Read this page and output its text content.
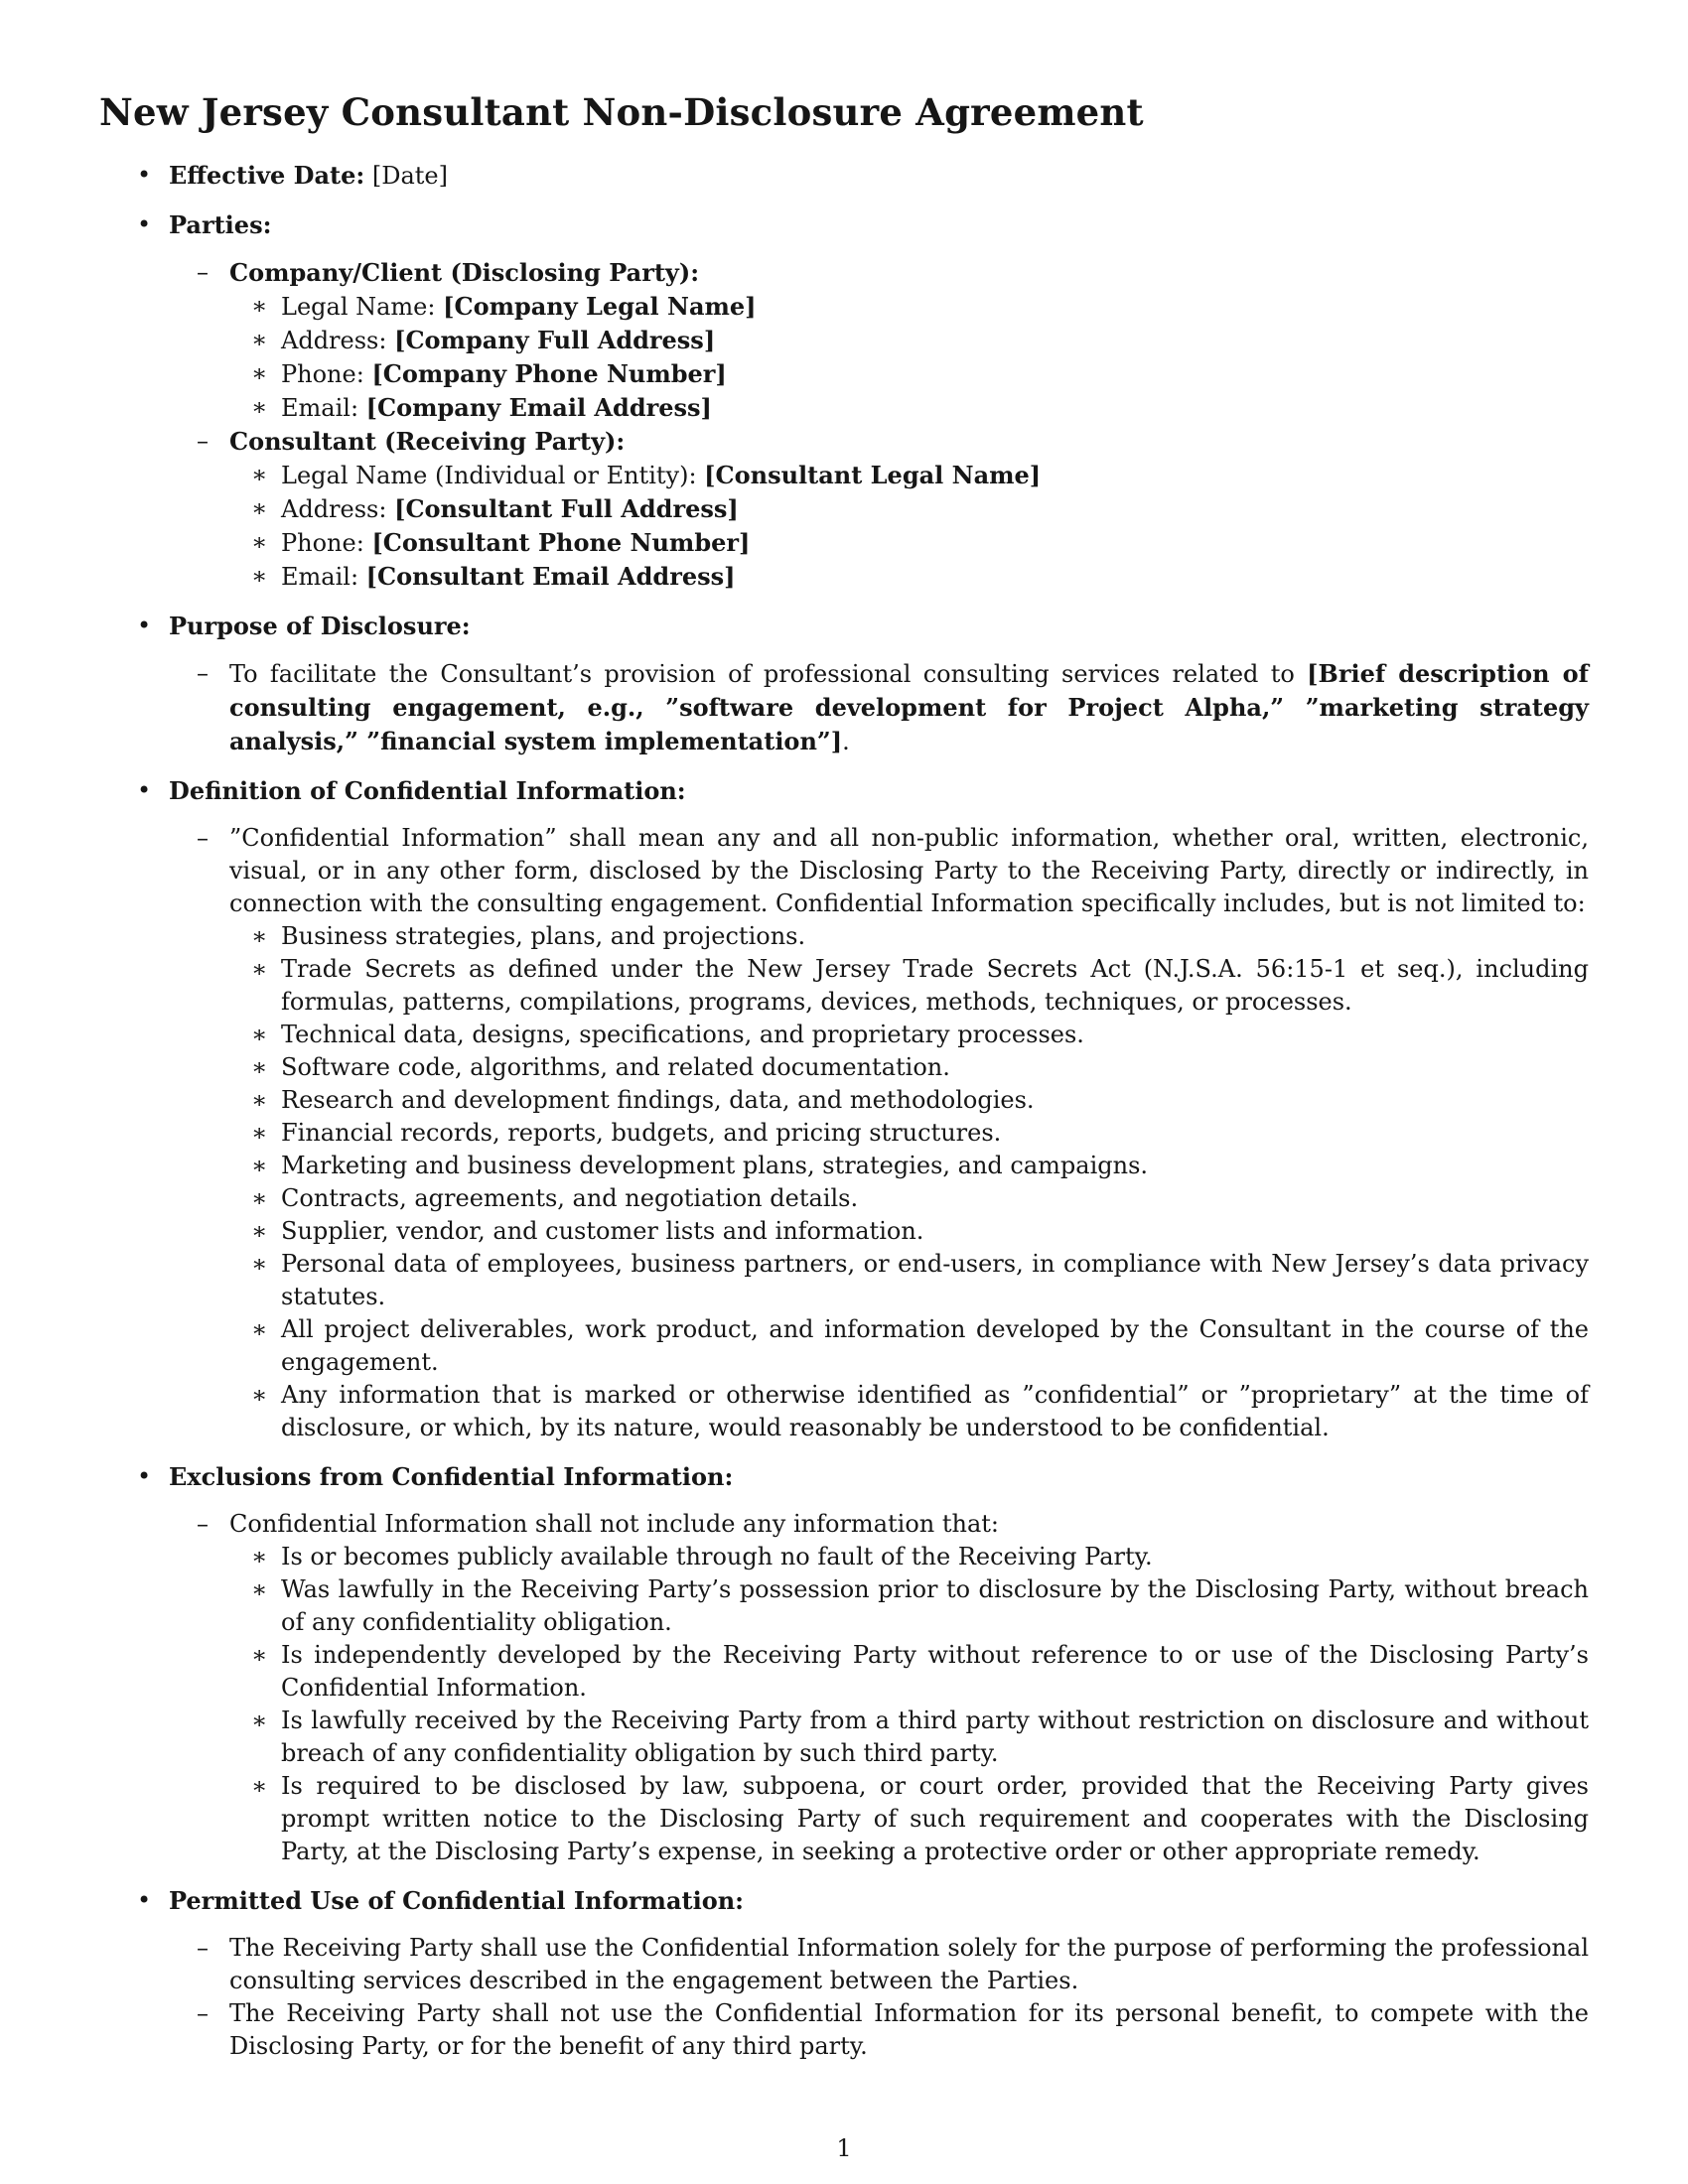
New Jersey Consultant Non-Disclosure Agreement
• Effective Date: [Date]
• Parties:
– Company/Client (Disclosing Party):
∗ Legal Name: [Company Legal Name]
∗ Address: [Company Full Address]
∗ Phone: [Company Phone Number]
∗ Email: [Company Email Address]
– Consultant (Receiving Party):
∗ Legal Name (Individual or Entity): [Consultant Legal Name]
∗ Address: [Consultant Full Address]
∗ Phone: [Consultant Phone Number]
∗ Email: [Consultant Email Address]
• Purpose of Disclosure:
– To facilitate the Consultant’s provision of professional consulting services related to [Brief description of consulting engagement, e.g., ”software development for Project Alpha,” ”marketing strategy analysis,” ”financial system implementation”].
• Definition of Confidential Information:
– ”Confidential Information” shall mean any and all non-public information, whether oral, written, electronic, visual, or in any other form, disclosed by the Disclosing Party to the Receiving Party, directly or indirectly, in connection with the consulting engagement. Confidential Information specifically includes, but is not limited to:
∗ Business strategies, plans, and projections.
∗ Trade Secrets as defined under the New Jersey Trade Secrets Act (N.J.S.A. 56:15-1 et seq.), including formulas, patterns, compilations, programs, devices, methods, techniques, or processes.
∗ Technical data, designs, specifications, and proprietary processes.
∗ Software code, algorithms, and related documentation.
∗ Research and development findings, data, and methodologies.
∗ Financial records, reports, budgets, and pricing structures.
∗ Marketing and business development plans, strategies, and campaigns.
∗ Contracts, agreements, and negotiation details.
∗ Supplier, vendor, and customer lists and information.
∗ Personal data of employees, business partners, or end-users, in compliance with New Jersey’s data privacy statutes.
∗ All project deliverables, work product, and information developed by the Consultant in the course of the engagement.
∗ Any information that is marked or otherwise identified as ”confidential” or ”proprietary” at the time of disclosure, or which, by its nature, would reasonably be understood to be confidential.
• Exclusions from Confidential Information:
– Confidential Information shall not include any information that:
∗ Is or becomes publicly available through no fault of the Receiving Party.
∗ Was lawfully in the Receiving Party’s possession prior to disclosure by the Disclosing Party, without breach of any confidentiality obligation.
∗ Is independently developed by the Receiving Party without reference to or use of the Disclosing Party’s Confidential Information.
∗ Is lawfully received by the Receiving Party from a third party without restriction on disclosure and without breach of any confidentiality obligation by such third party.
∗ Is required to be disclosed by law, subpoena, or court order, provided that the Receiving Party gives prompt written notice to the Disclosing Party of such requirement and cooperates with the Disclosing Party, at the Disclosing Party’s expense, in seeking a protective order or other appropriate remedy.
• Permitted Use of Confidential Information:
– The Receiving Party shall use the Confidential Information solely for the purpose of performing the professional consulting services described in the engagement between the Parties.
– The Receiving Party shall not use the Confidential Information for its personal benefit, to compete with the Disclosing Party, or for the benefit of any third party.
1
